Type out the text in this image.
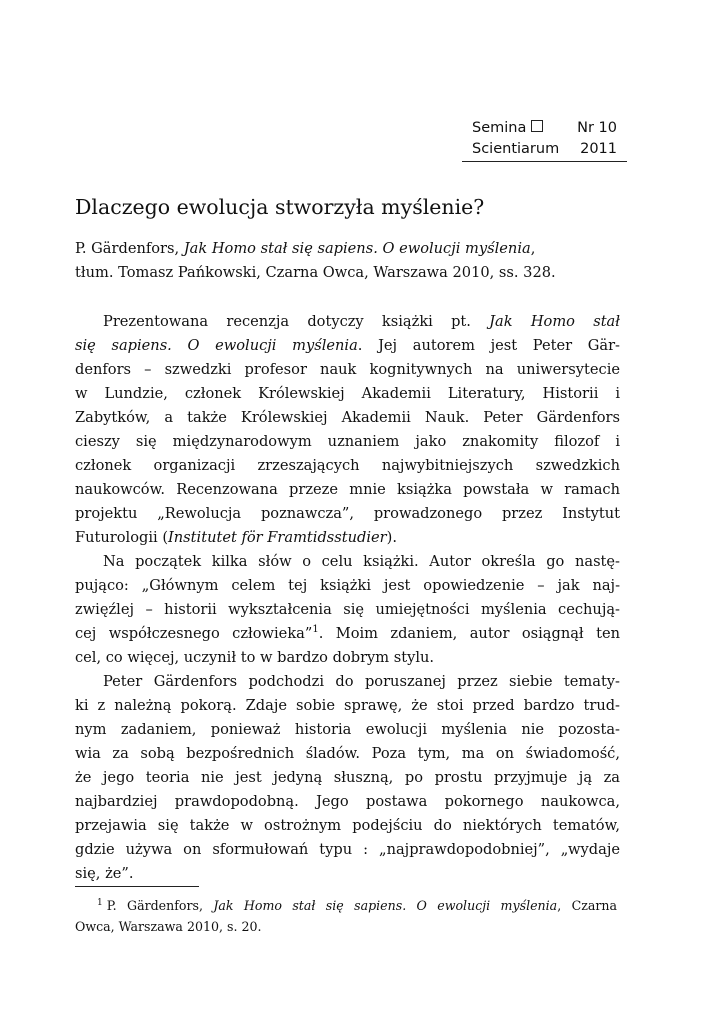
Semina	Nr 10
Scientiarum 2011
Dlaczego ewolucja stworzyła myślenie?
P. Gärdenfors, Jak Homo stał się sapiens. O ewolucji myślenia,
tłum. Tomasz Pańkowski, Czarna Owca, Warszawa 2010, ss. 328.
Prezentowana recenzja dotyczy książki pt. Jak Homo stał
się sapiens. O ewolucji myślenia. Jej autorem jest Peter Gär-
denfors – szwedzki profesor nauk kognitywnych na uniwersytecie
w Lundzie, członek Królewskiej Akademii Literatury, Historii i
Zabytków, a także Królewskiej Akademii Nauk. Peter Gärdenfors
cieszy się międzynarodowym uznaniem jako znakomity filozof i
członek organizacji zrzeszających najwybitniejszych szwedzkich
naukowców. Recenzowana przeze mnie książka powstała w ramach
projektu „Rewolucja poznawcza”, prowadzonego przez Instytut
Futurologii (Institutet för Framtidsstudier).
Na początek kilka słów o celu książki. Autor określa go nastę-
pująco: „Głównym celem tej książki jest opowiedzenie – jak naj-
zwięźlej – historii wykształcenia się umiejętności myślenia cechują-
cej współczesnego człowieka”$^1$. Moim zdaniem, autor osiągnął ten
cel, co więcej, uczynił to w bardzo dobrym stylu.
Peter Gärdenfors podchodzi do poruszanej przez siebie tematy-
ki z należną pokorą. Zdaje sobie sprawę, że stoi przed bardzo trud-
nym zadaniem, ponieważ historia ewolucji myślenia nie pozosta-
wia za sobą bezpośrednich śladów. Poza tym, ma on świadomość,
że jego teoria nie jest jedyną słuszną, po prostu przyjmuje ją za
najbardziej prawdopodobną. Jego postawa pokornego naukowca,
przejawia się także w ostrożnym podejściu do niektórych tematów,
gdzie używa on sformułowań typu : „najprawdopodobniej”, „wydaje
się, że”.
$^1$ P. Gärdenfors, Jak Homo stał się sapiens. O ewolucji myślenia, Czarna
Owca, Warszawa 2010, s. 20.
